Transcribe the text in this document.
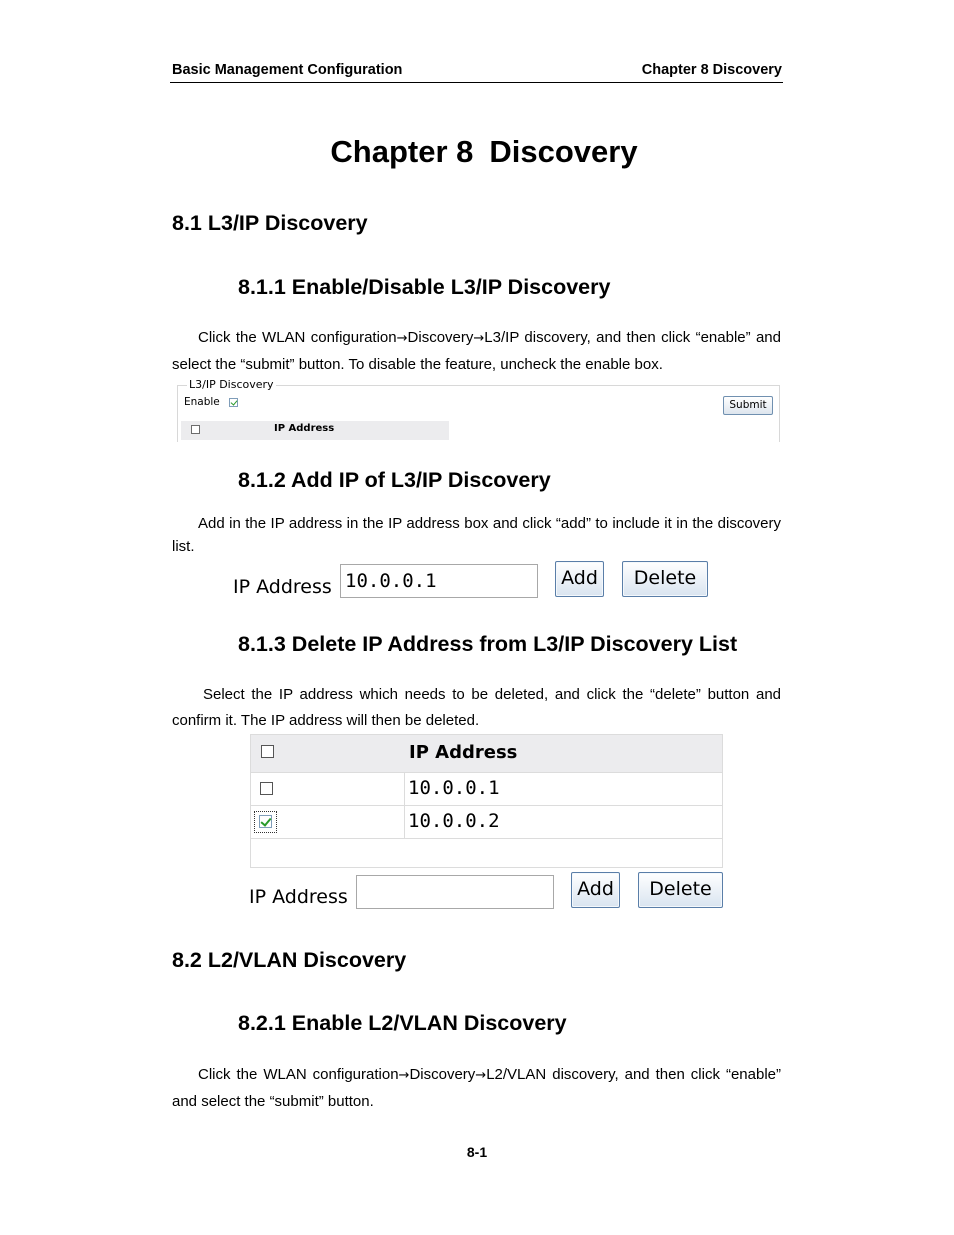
Basic Management Configuration	Chapter 8 Discovery
Chapter 8 Discovery
8.1 L3/IP Discovery
8.1.1 Enable/Disable L3/IP Discovery
Click the WLAN configuration→Discovery→L3/IP discovery, and then click “enable” and select the “submit” button. To disable the feature, uncheck the enable box.
L3/IP Discovery
Enable	Submit
IP Address
8.1.2 Add IP of L3/IP Discovery
Add in the IP address in the IP address box and click “add” to include it in the discovery list.
IP Address 10.0.0.1	Add	Delete
8.1.3 Delete IP Address from L3/IP Discovery List
Select the IP address which needs to be deleted, and click the “delete” button and confirm it. The IP address will then be deleted.
IP Address
10.0.0.1
10.0.0.2
IP Address	Add	Delete
8.2 L2/VLAN Discovery
8.2.1 Enable L2/VLAN Discovery
Click the WLAN configuration→Discovery→L2/VLAN discovery, and then click “enable” and select the “submit” button.
8-1
